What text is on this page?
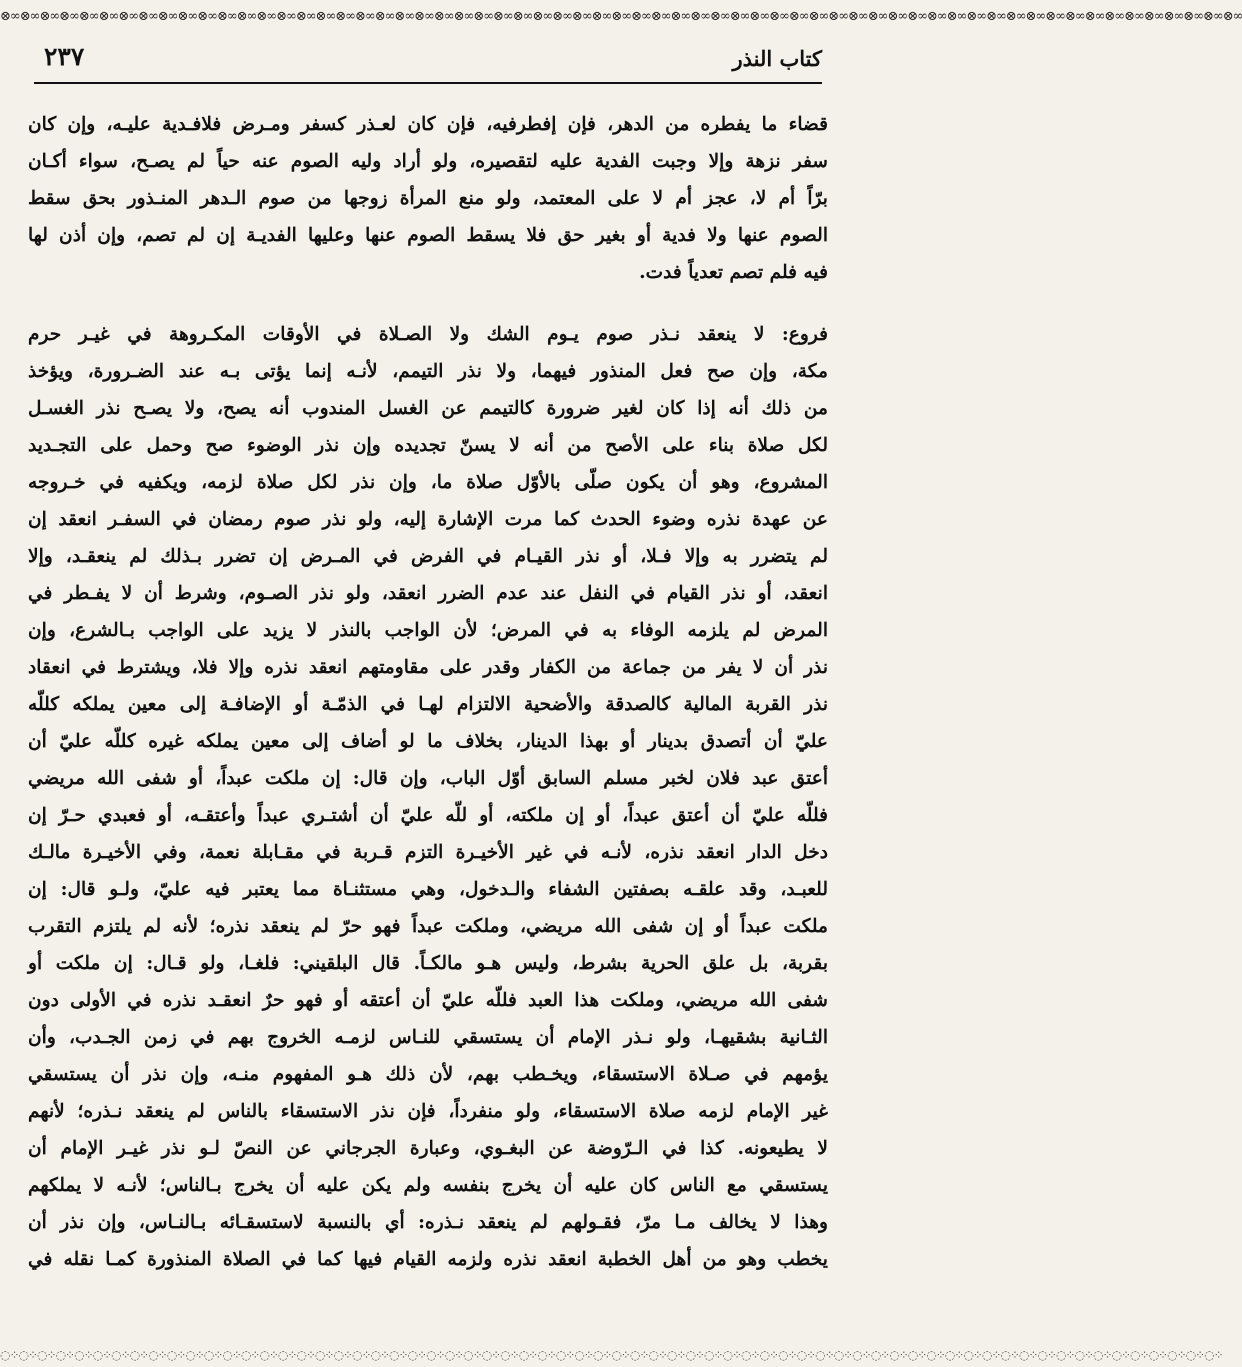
⊗∞⊗∞⊗∞⊗∞⊗∞⊗∞⊗∞⊗∞⊗∞⊗∞⊗∞⊗∞⊗∞⊗∞⊗∞⊗∞⊗∞⊗∞⊗∞⊗∞⊗∞⊗∞⊗∞⊗∞⊗∞⊗∞⊗∞⊗∞⊗∞⊗∞⊗∞⊗∞⊗∞⊗∞⊗∞⊗∞⊗∞⊗∞⊗∞⊗∞⊗∞⊗∞⊗∞⊗∞⊗∞⊗∞⊗∞⊗∞⊗∞⊗∞⊗∞⊗∞⊗∞⊗∞⊗∞⊗∞⊗∞⊗∞⊗∞⊗∞⊗∞⊗∞⊗∞
كتاب النذر
٢٣٧
قضاء ما يفطره من الدهر، فإن إفطرفيه، فإن كان لعـذر كسفر ومـرض فلافـدية عليـه، وإن كان
سفر نزهة وإلا وجبت الفدية عليه لتقصيره، ولو أراد وليه الصوم عنه حياً لم يصـح، سواء أكـان
برّاً أم لا، عجز أم لا على المعتمد، ولو منع المرأة زوجها من صوم الـدهر المنـذور بحق سقط
الصوم عنها ولا فدية أو بغير حق فلا يسقط الصوم عنها وعليها الفديـة إن لم تصم، وإن أذن لها
فيه فلم تصم تعدياً فدت.
فروع: لا ينعقد نـذر صوم يـوم الشك ولا الصـلاة في الأوقات المكـروهة في غيـر حرم
مكة، وإن صح فعل المنذور فيهما، ولا نذر التيمم، لأنـه إنما يؤتى بـه عند الضـرورة، ويؤخذ
من ذلك أنه إذا كان لغير ضرورة كالتيمم عن الغسل المندوب أنه يصح، ولا يصـح نذر الغسـل
لكل صلاة بناء على الأصح من أنه لا يسنّ تجديده وإن نذر الوضوء صح وحمل على التجـديد
المشروع، وهو أن يكون صلّى بالأوّل صلاة ما، وإن نذر لكل صلاة لزمه، ويكفيه في خـروجه
عن عهدة نذره وضوء الحدث كما مرت الإشارة إليه، ولو نذر صوم رمضان في السفـر انعقد إن
لم يتضرر به وإلا فـلا، أو نذر القيـام في الفرض في المـرض إن تضرر بـذلك لم ينعقـد، وإلا
انعقد، أو نذر القيام في النفل عند عدم الضرر انعقد، ولو نذر الصـوم، وشرط أن لا يفـطر في
المرض لم يلزمه الوفاء به في المرض؛ لأن الواجب بالنذر لا يزيد على الواجب بـالشرع، وإن
نذر أن لا يفر من جماعة من الكفار وقدر على مقاومتهم انعقد نذره وإلا فلا، ويشترط في انعقاد
نذر القربة المالية كالصدقة والأضحية الالتزام لهـا في الذمّـة أو الإضافـة إلى معين يملكه كللّه
عليّ أن أتصدق بدينار أو بهذا الدينار، بخلاف ما لو أضاف إلى معين يملكه غيره كللّه عليّ أن
أعتق عبد فلان لخبر مسلم السابق أوّل الباب، وإن قال: إن ملكت عبداً، أو شفى الله مريضي
فللّه عليّ أن أعتق عبداً، أو إن ملكته، أو للّه عليّ أن أشتـري عبداً وأعتقـه، أو فعبدي حـرّ إن
دخل الدار انعقد نذره، لأنـه في غير الأخيـرة التزم قـربة في مقـابلة نعمة، وفي الأخيـرة مالـك
للعبـد، وقد علقـه بصفتين الشفاء والـدخول، وهي مستثنـاة مما يعتبر فيه عليّ، ولـو قال: إن
ملكت عبداً أو إن شفى الله مريضي، وملكت عبداً فهو حرّ لم ينعقد نذره؛ لأنه لم يلتزم التقرب
بقربة، بل علق الحرية بشرط، وليس هـو مالكـاً. قال البلقيني: فلغـا، ولو قـال: إن ملكت أو
شفى الله مريضي، وملكت هذا العبد فللّه عليّ أن أعتقه أو فهو حرٌ انعقـد نذره في الأولى دون
الثـانية بشقيهـا، ولو نـذر الإمام أن يستسقي للنـاس لزمـه الخروج بهم في زمن الجـدب، وأن
يؤمهم في صـلاة الاستسقاء، ويخـطب بهم، لأن ذلك هـو المفهوم منـه، وإن نذر أن يستسقي
غير الإمام لزمه صلاة الاستسقاء، ولو منفرداً، فإن نذر الاستسقاء بالناس لم ينعقد نـذره؛ لأنهم
لا يطيعونه. كذا في الـرّوضة عن البغـوي، وعبارة الجرجاني عن النصّ لـو نذر غيـر الإمام أن
يستسقي مع الناس كان عليه أن يخرج بنفسه ولم يكن عليه أن يخرج بـالناس؛ لأنـه لا يملكهم
وهذا لا يخالف مـا مرّ، فقـولهم لم ينعقد نـذره: أي بالنسبة لاستسقـائه بـالنـاس، وإن نذر أن
يخطب وهو من أهل الخطبة انعقد نذره ولزمه القيام فيها كما في الصلاة المنذورة كمـا نقله في
◌⁘◌⁘◌⁘◌⁘◌⁘◌⁘◌⁘◌⁘◌⁘◌⁘◌⁘◌⁘◌⁘◌⁘◌⁘◌⁘◌⁘◌⁘◌⁘◌⁘◌⁘◌⁘◌⁘◌⁘◌⁘◌⁘◌⁘◌⁘◌⁘◌⁘◌⁘◌⁘◌⁘◌⁘◌⁘◌⁘◌⁘◌⁘◌⁘◌⁘◌⁘◌⁘◌⁘◌⁘◌⁘◌⁘◌⁘◌⁘◌⁘◌⁘◌⁘◌⁘◌⁘◌⁘◌⁘◌⁘◌⁘◌⁘◌⁘◌⁘◌⁘◌⁘◌⁘◌⁘◌⁘◌⁘
